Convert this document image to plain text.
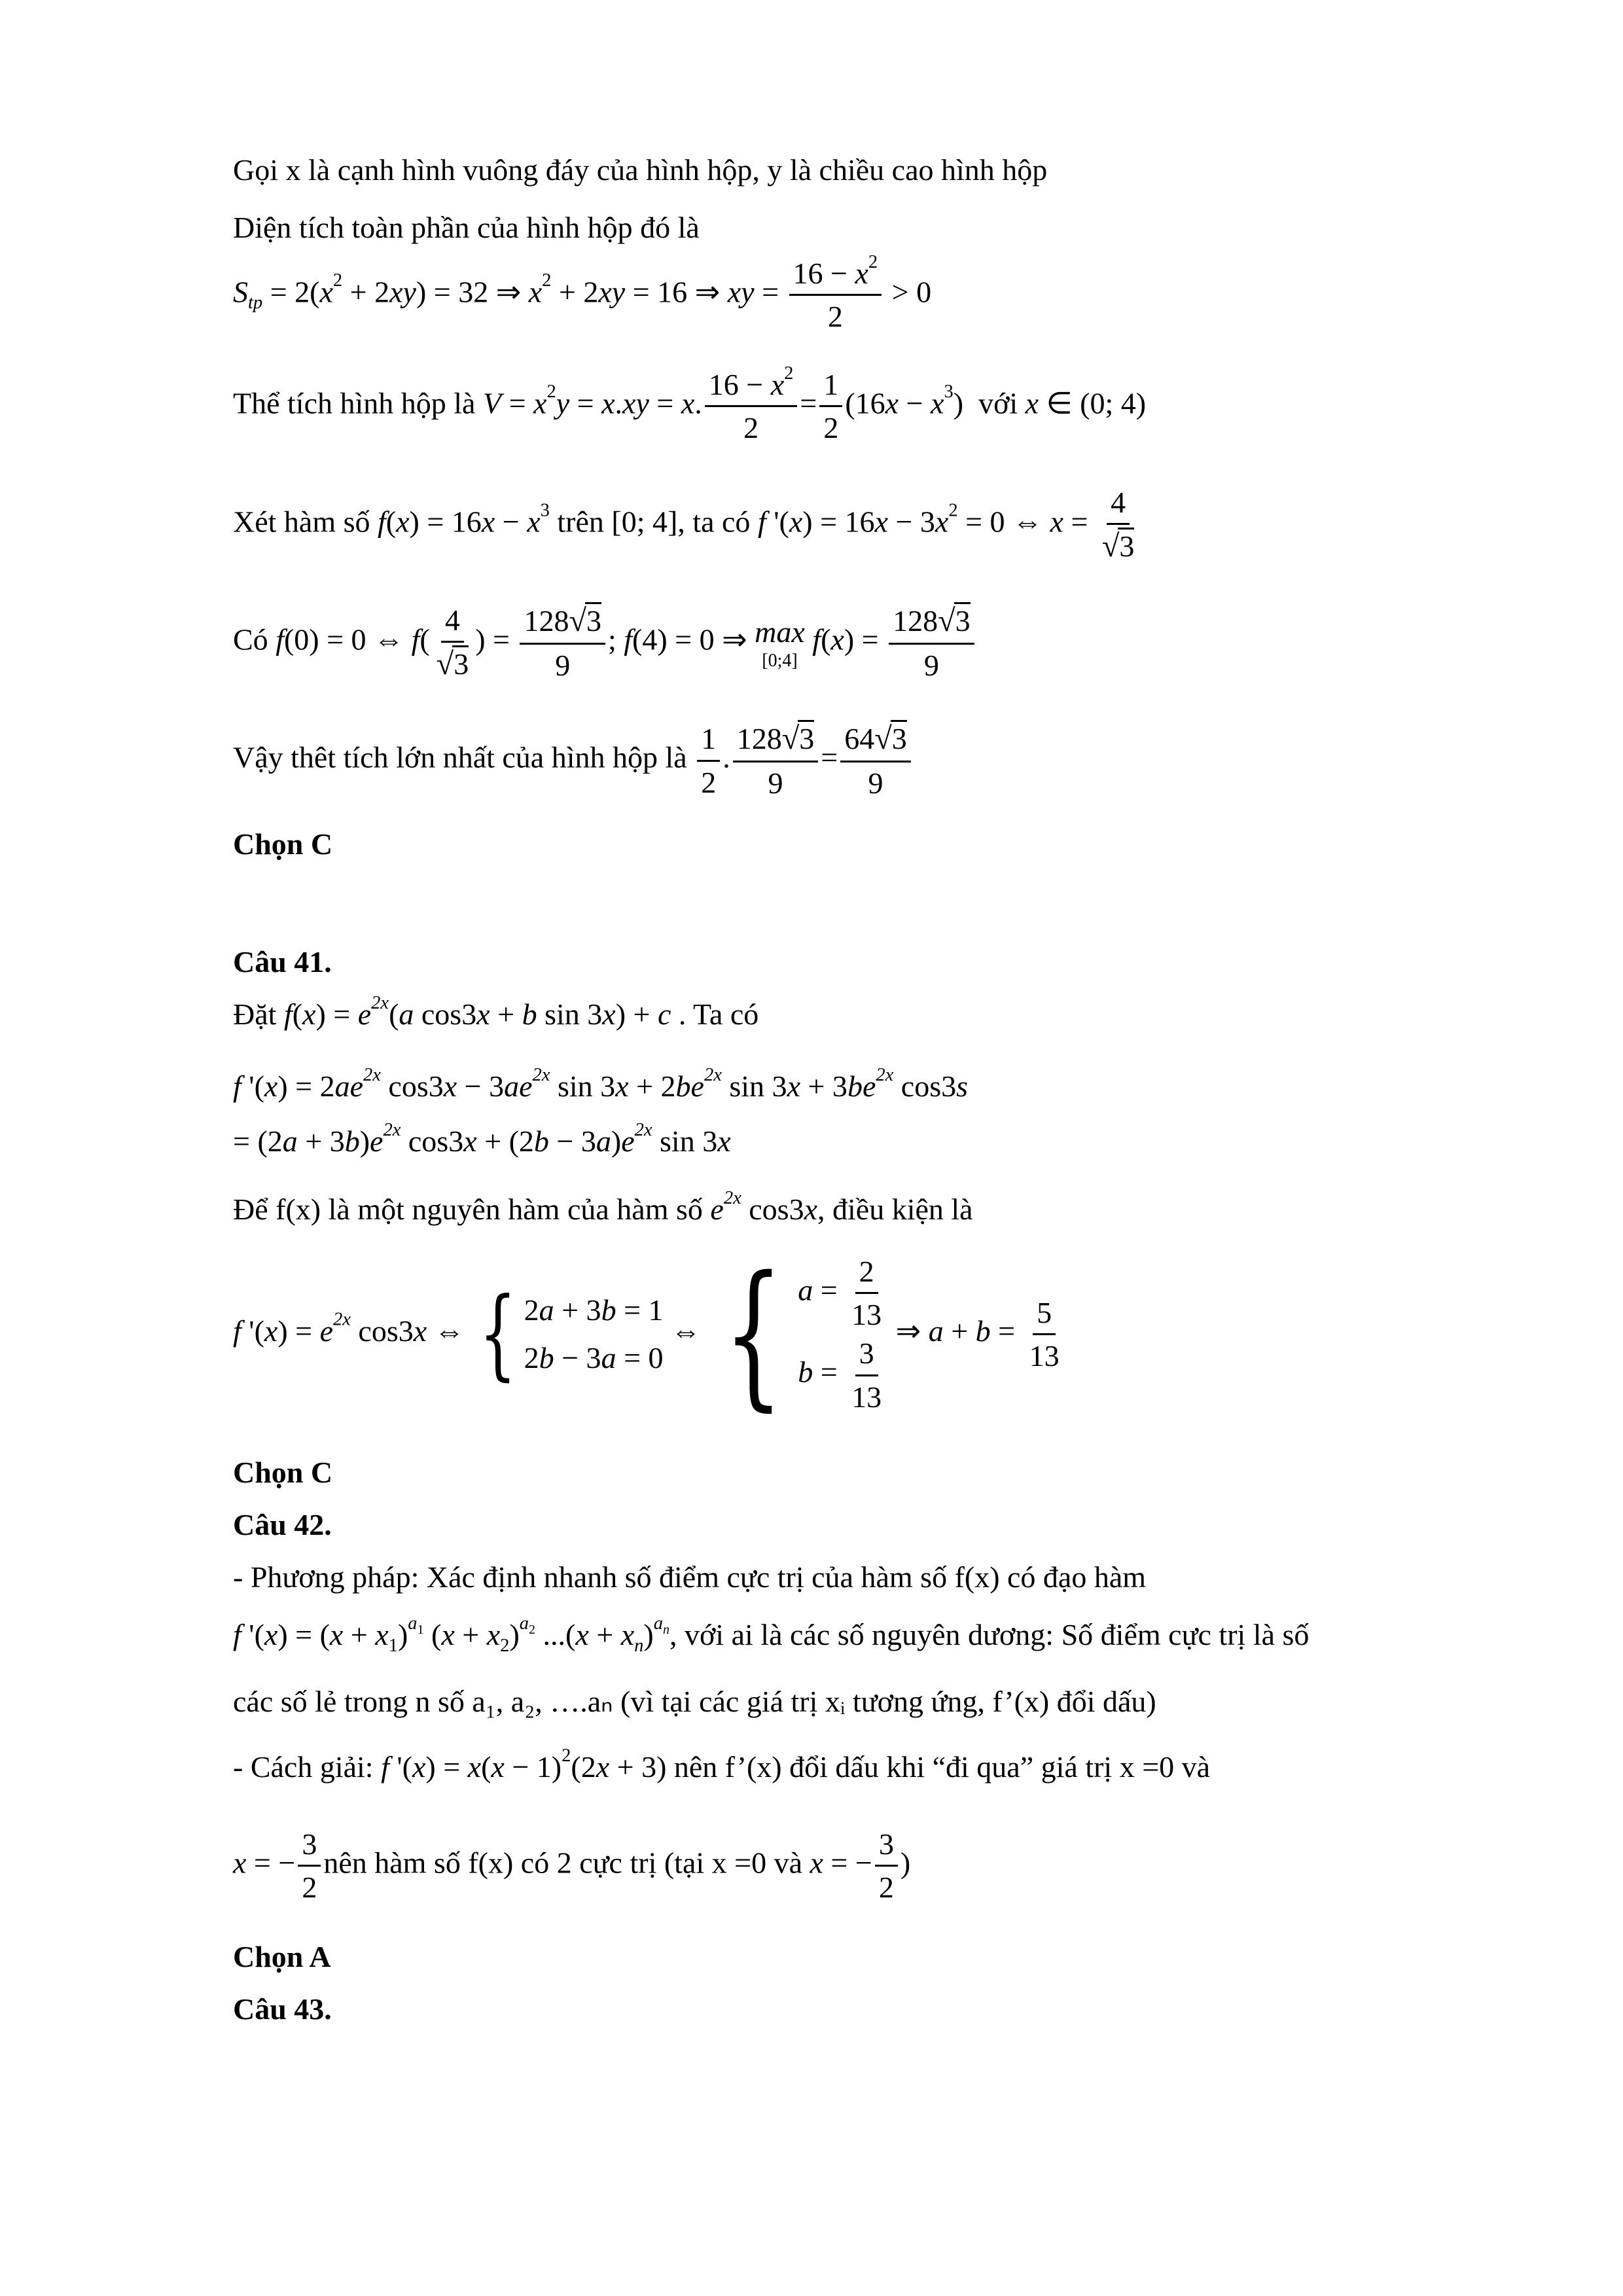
Gọi x là cạnh hình vuông đáy của hình hộp, y là chiều cao hình hộp
Diện tích toàn phần của hình hộp đó là
$S_{tp} = 2(x^2 + 2xy) = 32$ ⇒ $x^2 + 2xy = 16$ ⇒ xy = $\frac{16 - x^2}{2} > 0$
Thể tích hình hộp là $V = x^2y = x.xy = x$. $\frac{16 - x^2}{2} = \frac{1}{2} (16x - x^3)$  với x ∈ (0; 4)
Xét hàm số $f(x) = 16x - x^3$ trên [0; 4], ta có f '$(x) = 16x - 3x^2 = 0$ ⇔ $x = \frac{4}{√3}$
Có f(0) = 0 ⇔ $f( \frac{4}{√3}$ ) = $\frac{128√3}{9}$ ; f(4) = 0 ⇒ max
[0;4]
$f(x) = \frac{128√3}{9}$
Vậy thêt tích lớn nhất của hình hộp là $\frac{1}{2}$ . $\frac{128√3}{9} = \frac{64√3}{9}$
Chọn C
Câu 41.
Đặt $f(x) = e^{2x}(a$ cos3x + b sin 3x) + c . Ta có
f '$(x) = 2ae^{2x}$ $\cos 3x - 3ae^{2x}$ $\sin 3x + 2be^{2x}$ $\sin 3x + 3be^{2x}$ cos3s
= $(2a + 3b)e^{2x}$ $\cos 3x + (2b - 3a)e^{2x}$ sin 3x
Để f(x) là một nguyên hàm của hàm số $e^{2x}$ cos3x, điều kiện là
f '$(x) = e^{2x}$ cos3x ⇔ { 2a + 3b = 1
2b − 3a = 0
⇔ { $a = \frac{2}{13}$
$b = \frac{3}{13}$
⇒ $a + b = \frac{5}{13}$
Chọn C
Câu 42.
- Phương pháp: Xác định nhanh số điểm cực trị của hàm số f(x) có đạo hàm
f '$(x) = (x + x_1)^{a_1}$ $(x + x_2)^{a_2}$ $...(x + x_n)^{a_n}$, với ai là các số nguyên dương: Số điểm cực trị là số
các số lẻ trong n số a₁, a₂, ….aₙ (vì tại các giá trị xᵢ tương ứng, f’(x) đổi dấu)
- Cách giải: f '$(x) = x(x - 1)^2(2x + 3)$ nên f’(x) đổi dấu khi “đi qua” giá trị x =0 và
x = − $\frac{3}{2}$ nên hàm số f(x) có 2 cực trị (tại x =0 và x = − $\frac{3}{2}$ )
Chọn A
Câu 43.
